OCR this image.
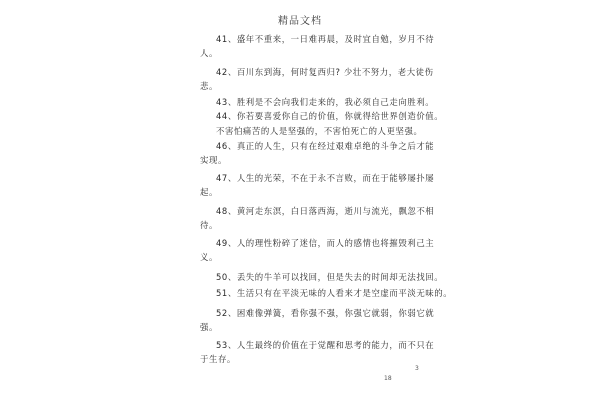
精品文档
41、盛年不重来，一日难再晨，及时宜自勉，岁月不待
人。
42、百川东到海，何时复西归? 少壮不努力，老大徒伤
悲。
43、胜利是不会向我们走来的，我必须自己走向胜利。
44、你若要喜爱你自己的价值，你就得给世界创造价值。
不害怕痛苦的人是坚强的，不害怕死亡的人更坚强。
46、真正的人生，只有在经过艰难卓绝的斗争之后才能
实现。
47、人生的光荣，不在于永不言败，而在于能够屡扑屡
起。
48、黄河走东溟，白日落西海，逝川与流光，飘忽不相
待。
49、人的理性粉碎了迷信，而人的感情也将摧毁利己主
义。
50、丢失的牛羊可以找回，但是失去的时间却无法找回。
51、生活只有在平淡无味的人看来才是空虚而平淡无味的。
52、困难像弹簧，看你强不强，你强它就弱，你弱它就
强。
53、人生最终的价值在于觉醒和思考的能力，而不只在
于生存。
18
3
